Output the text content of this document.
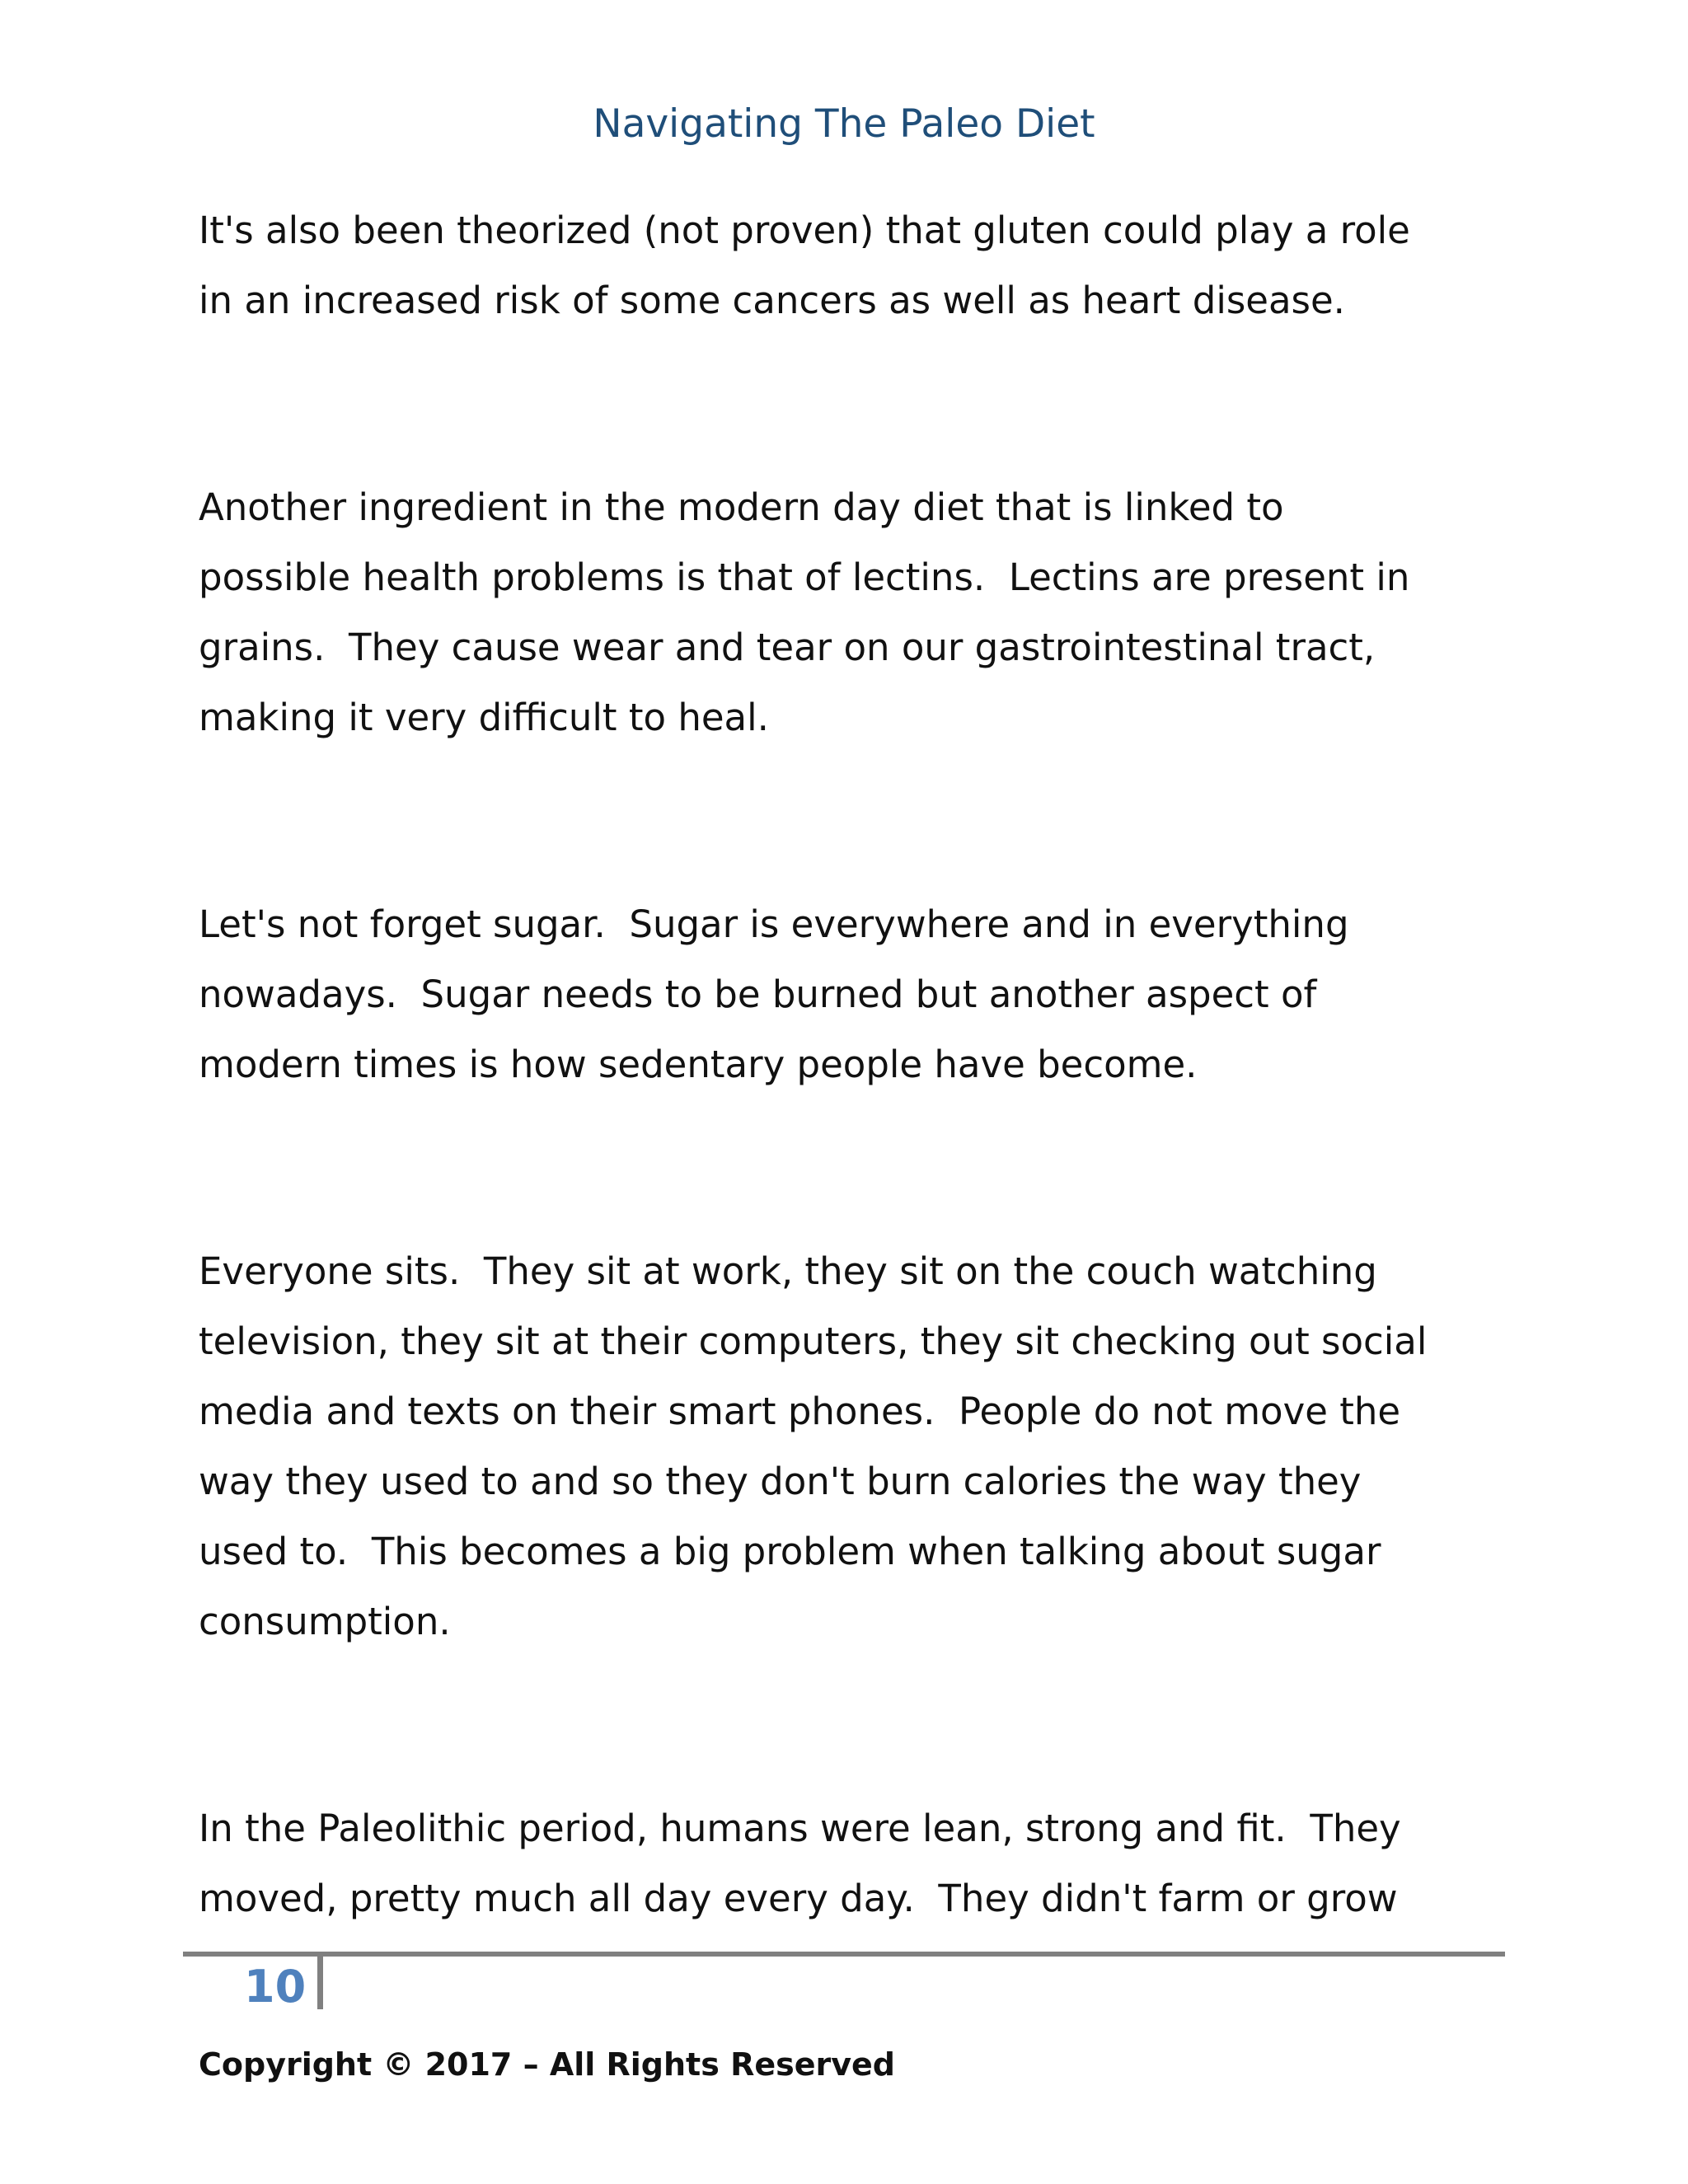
Navigating The Paleo Diet

It's also been theorized (not proven) that gluten could play a role
in an increased risk of some cancers as well as heart disease.

Another ingredient in the modern day diet that is linked to
possible health problems is that of lectins.  Lectins are present in
grains.  They cause wear and tear on our gastrointestinal tract,
making it very difficult to heal.

Let's not forget sugar.  Sugar is everywhere and in everything
nowadays.  Sugar needs to be burned but another aspect of
modern times is how sedentary people have become.

Everyone sits.  They sit at work, they sit on the couch watching
television, they sit at their computers, they sit checking out social
media and texts on their smart phones.  People do not move the
way they used to and so they don't burn calories the way they
used to.  This becomes a big problem when talking about sugar
consumption.

In the Paleolithic period, humans were lean, strong and fit.  They
moved, pretty much all day every day.  They didn't farm or grow

10
Copyright © 2017 – All Rights Reserved
